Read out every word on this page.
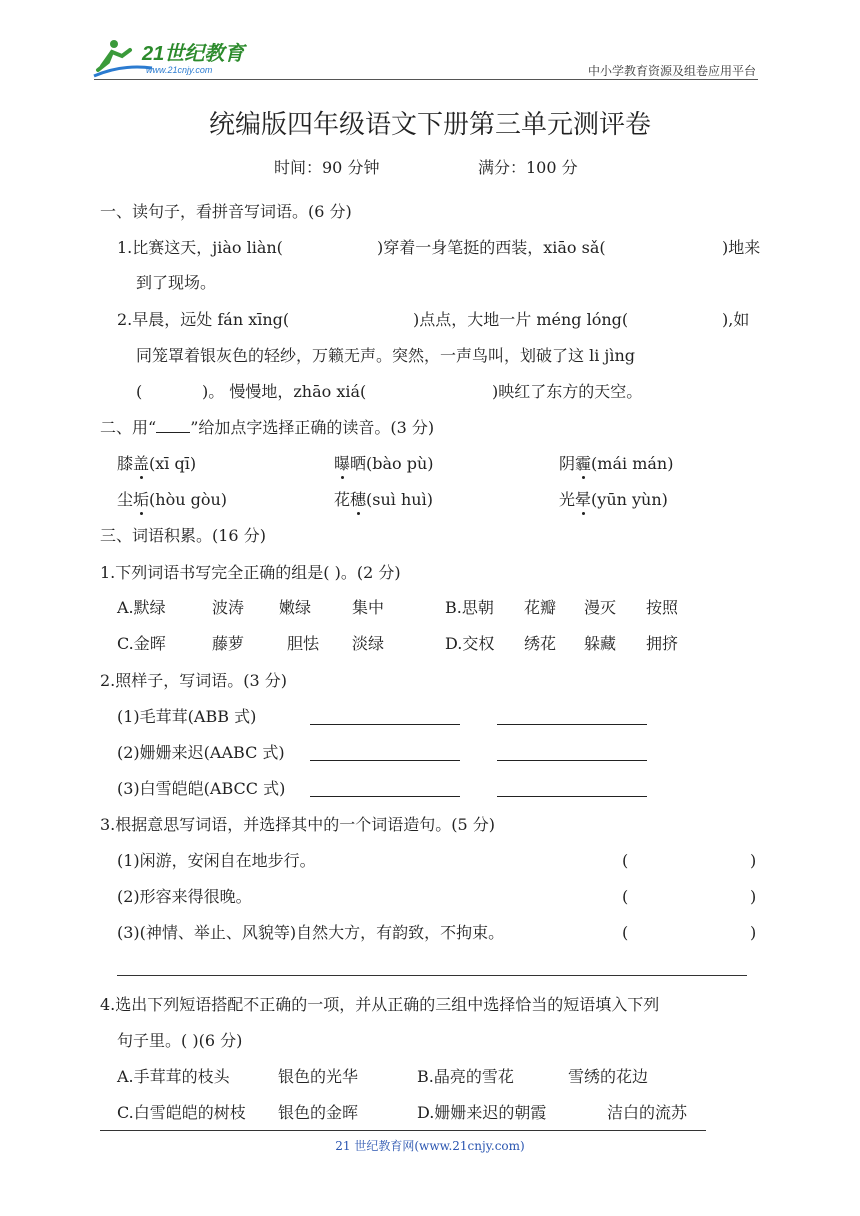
21世纪教育
www.21cnjy.com	中小学教育资源及组卷应用平台
统编版四年级语文下册第三单元测评卷
时间：90 分钟	满分：100 分
一、读句子，看拼音写词语。(6 分)
1.比赛这天，jiào liàn(	)穿着一身笔挺的西装，xiāo sǎ(	)地来
到了现场。
2.早晨，远处 fán xīng(	)点点，大地一片 méng lóng(	),如
同笼罩着银灰色的轻纱，万籁无声。突然，一声鸟叫，划破了这 li jìng
(	)。 慢慢地，zhāo xiá(	)映红了东方的天空。
二、用“ ”给加点字选择正确的读音。(3 分)
膝盖(xī qī)	曝晒(bào pù)	阴霾(mái mán)
尘垢(hòu gòu)	花穗(suì huì)	光晕(yūn yùn)
三、词语积累。(16 分)
1.下列词语书写完全正确的组是( )。(2 分)
A.默绿	波涛 嫩绿	集中	B.思朝 花瓣 漫灭 按照
C.金晖	藤萝	胆怯 淡绿	D.交权 绣花 躲藏 拥挤
2.照样子，写词语。(3 分)
(1)毛茸茸(ABB 式)
(2)姗姗来迟(AABC 式)
(3)白雪皑皑(ABCC 式)
3.根据意思写词语，并选择其中的一个词语造句。(5 分)
(1)闲游，安闲自在地步行。	(	)
(2)形容来得很晚。	(	)
(3)(神情、举止、风貌等)自然大方，有韵致，不拘束。	(	)
4.选出下列短语搭配不正确的一项，并从正确的三组中选择恰当的短语填入下列
句子里。( )(6 分)
A.手茸茸的枝头	银色的光华	B.晶亮的雪花	雪绣的花边
C.白雪皑皑的树枝 银色的金晖	D.姗姗来迟的朝霞	洁白的流苏
21 世纪教育网(www.21cnjy.com)
